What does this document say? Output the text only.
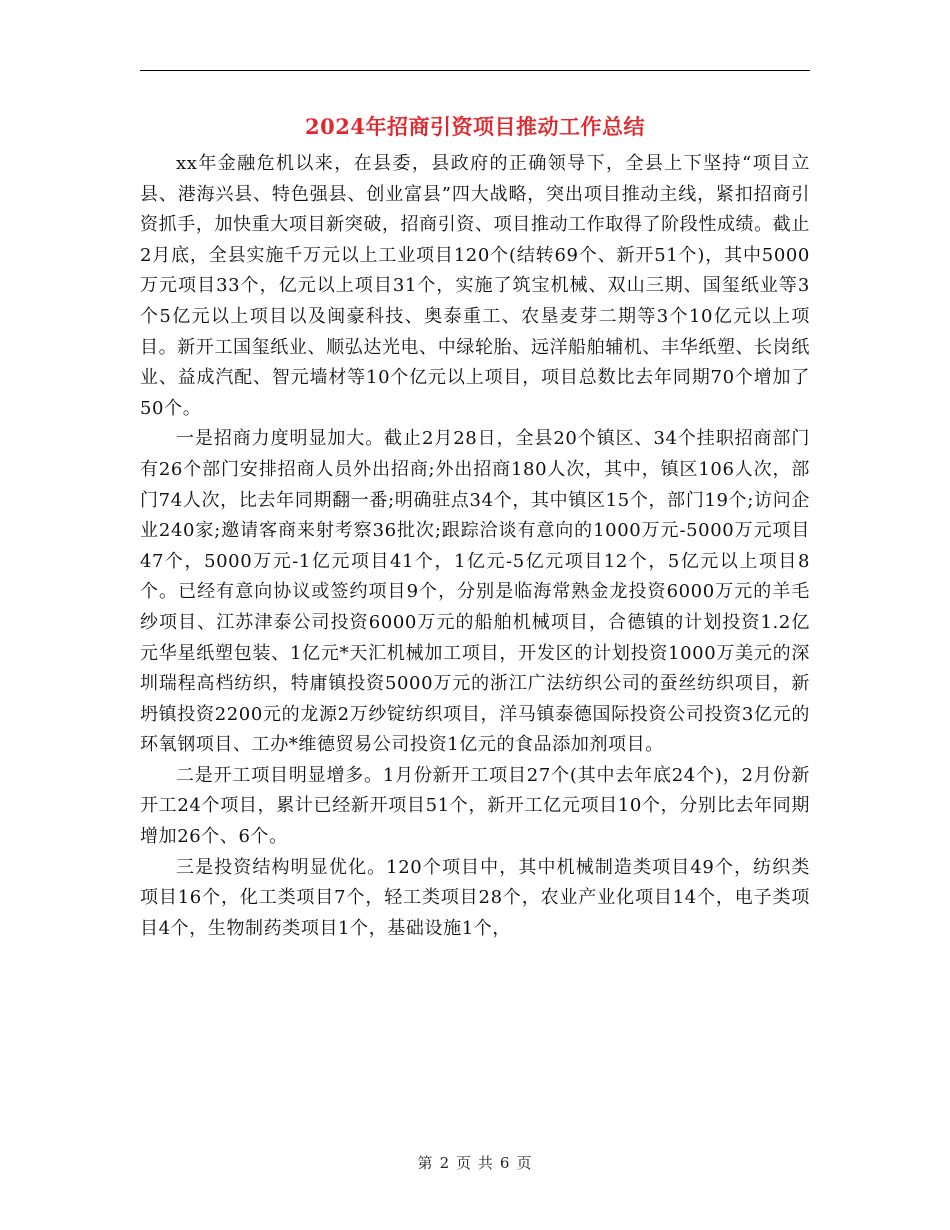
2024年招商引资项目推动工作总结

xx年金融危机以来，在县委，县政府的正确领导下，全县上下坚持“项目立县、港海兴县、特色强县、创业富县”四大战略，突出项目推动主线，紧扣招商引资抓手，加快重大项目新突破，招商引资、项目推动工作取得了阶段性成绩。截止2月底，全县实施千万元以上工业项目120个(结转69个、新开51个)，其中5000万元项目33个，亿元以上项目31个，实施了筑宝机械、双山三期、国玺纸业等3个5亿元以上项目以及闽豪科技、奥泰重工、农垦麦芽二期等3个10亿元以上项目。新开工国玺纸业、顺弘达光电、中绿轮胎、远洋船舶辅机、丰华纸塑、长岗纸业、益成汽配、智元墙材等10个亿元以上项目，项目总数比去年同期70个增加了50个。

一是招商力度明显加大。截止2月28日，全县20个镇区、34个挂职招商部门有26个部门安排招商人员外出招商;外出招商180人次，其中，镇区106人次，部门74人次，比去年同期翻一番;明确驻点34个，其中镇区15个，部门19个;访问企业240家;邀请客商来射考察36批次;跟踪洽谈有意向的1000万元-5000万元项目47个，5000万元-1亿元项目41个，1亿元-5亿元项目12个，5亿元以上项目8个。已经有意向协议或签约项目9个，分别是临海常熟金龙投资6000万元的羊毛纱项目、江苏津泰公司投资6000万元的船舶机械项目，合德镇的计划投资1.2亿元华星纸塑包装、1亿元*天汇机械加工项目，开发区的计划投资1000万美元的深圳瑞程高档纺织，特庸镇投资5000万元的浙江广法纺织公司的蚕丝纺织项目，新坍镇投资2200元的龙源2万纱锭纺织项目，洋马镇泰德国际投资公司投资3亿元的环氧钢项目、工办*维德贸易公司投资1亿元的食品添加剂项目。

二是开工项目明显增多。1月份新开工项目27个(其中去年底24个)，2月份新开工24个项目，累计已经新开项目51个，新开工亿元项目10个，分别比去年同期增加26个、6个。

三是投资结构明显优化。120个项目中，其中机械制造类项目49个，纺织类项目16个，化工类项目7个，轻工类项目28个，农业产业化项目14个，电子类项目4个，生物制药类项目1个，基础设施1个，

第 2 页 共 6 页
